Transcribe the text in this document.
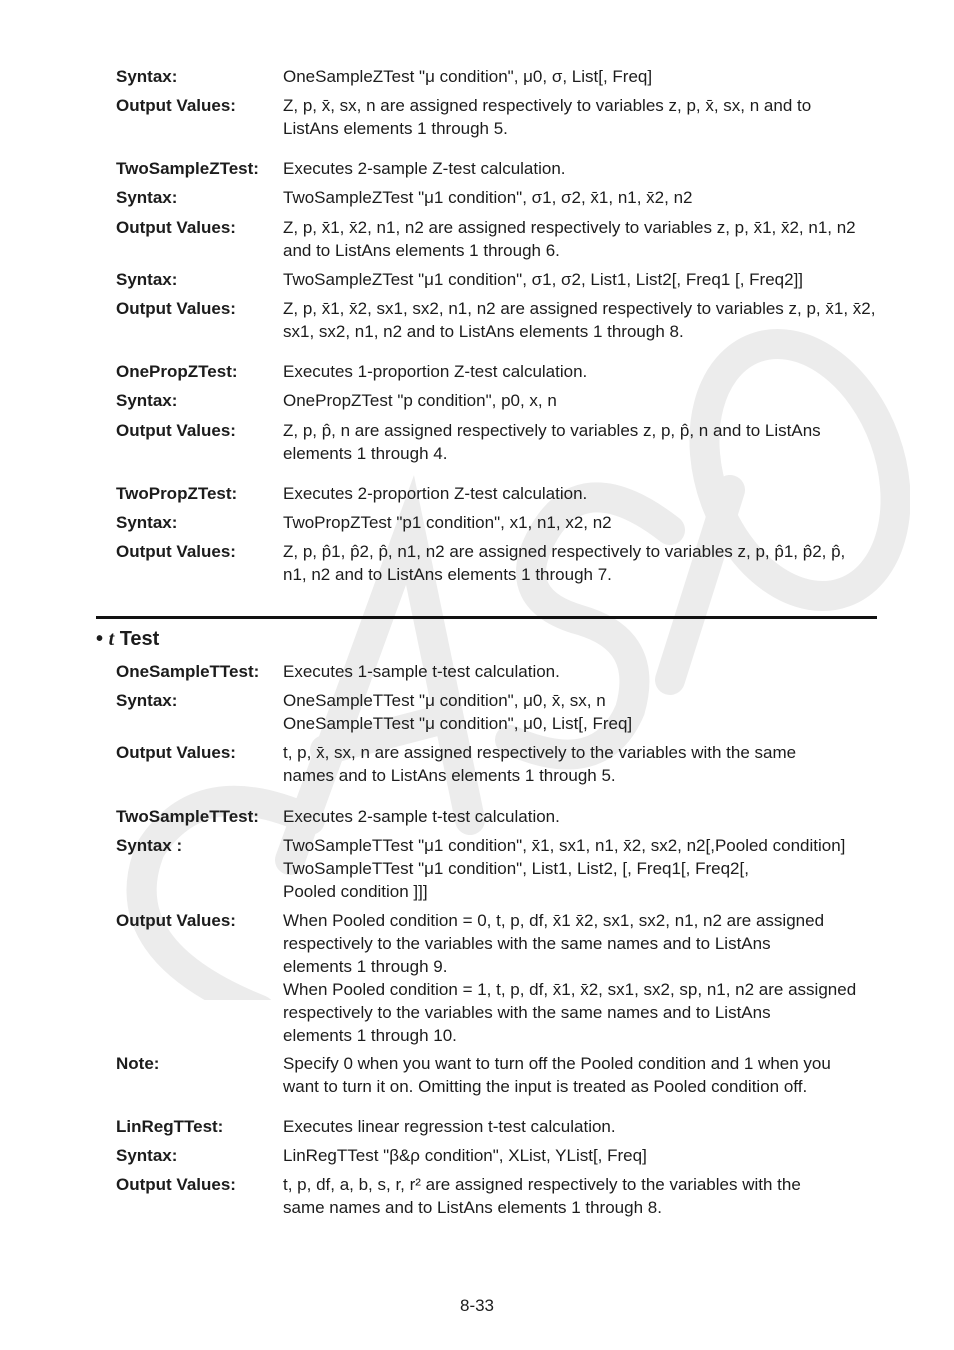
Syntax:	OneSampleZTest "μ condition", μ0, σ, List[, Freq]
Output Values:	Z, p, x̄, sx, n are assigned respectively to variables z, p, x̄, sx, n and to
ListAns elements 1 through 5.
TwoSampleZTest: Executes 2-sample Z-test calculation.
Syntax:	TwoSampleZTest "μ1 condition", σ1, σ2, x̄1, n1, x̄2, n2
Output Values:	Z, p, x̄1, x̄2, n1, n2 are assigned respectively to variables z, p, x̄1, x̄2, n1, n2
and to ListAns elements 1 through 6.
Syntax:	TwoSampleZTest "μ1 condition", σ1, σ2, List1, List2[, Freq1 [, Freq2]]
Output Values:	Z, p, x̄1, x̄2, sx1, sx2, n1, n2 are assigned respectively to variables z, p, x̄1, x̄2,
sx1, sx2, n1, n2 and to ListAns elements 1 through 8.
OnePropZTest:	Executes 1-proportion Z-test calculation.
Syntax:	OnePropZTest "p condition", p0, x, n
Output Values:	Z, p, p̂, n are assigned respectively to variables z, p, p̂, n and to ListAns
elements 1 through 4.
TwoPropZTest:	Executes 2-proportion Z-test calculation.
Syntax:	TwoPropZTest "p1 condition", x1, n1, x2, n2
Output Values:	Z, p, p̂1, p̂2, p̂, n1, n2 are assigned respectively to variables z, p, p̂1, p̂2, p̂,
n1, n2 and to ListAns elements 1 through 7.
• t Test
OneSampleTTest: Executes 1-sample t-test calculation.
Syntax:	OneSampleTTest "μ condition", μ0, x̄, sx, n
OneSampleTTest "μ condition", μ0, List[, Freq]
Output Values:	t, p, x̄, sx, n are assigned respectively to the variables with the same
names and to ListAns elements 1 through 5.
TwoSampleTTest: Executes 2-sample t-test calculation.
Syntax :	TwoSampleTTest "μ1 condition", x̄1, sx1, n1, x̄2, sx2, n2[,Pooled condition]
TwoSampleTTest "μ1 condition", List1, List2, [, Freq1[, Freq2[,
Pooled condition ]]]
Output Values:	When Pooled condition = 0, t, p, df, x̄1 x̄2, sx1, sx2, n1, n2 are assigned
respectively to the variables with the same names and to ListAns
elements 1 through 9.
When Pooled condition = 1, t, p, df, x̄1, x̄2, sx1, sx2, sp, n1, n2 are assigned
respectively to the variables with the same names and to ListAns
elements 1 through 10.
Note:	Specify 0 when you want to turn off the Pooled condition and 1 when you
want to turn it on. Omitting the input is treated as Pooled condition off.
LinRegTTest:	Executes linear regression t-test calculation.
Syntax:	LinRegTTest "β&ρ condition", XList, YList[, Freq]
Output Values:	t, p, df, a, b, s, r, r² are assigned respectively to the variables with the
same names and to ListAns elements 1 through 8.
8-33
